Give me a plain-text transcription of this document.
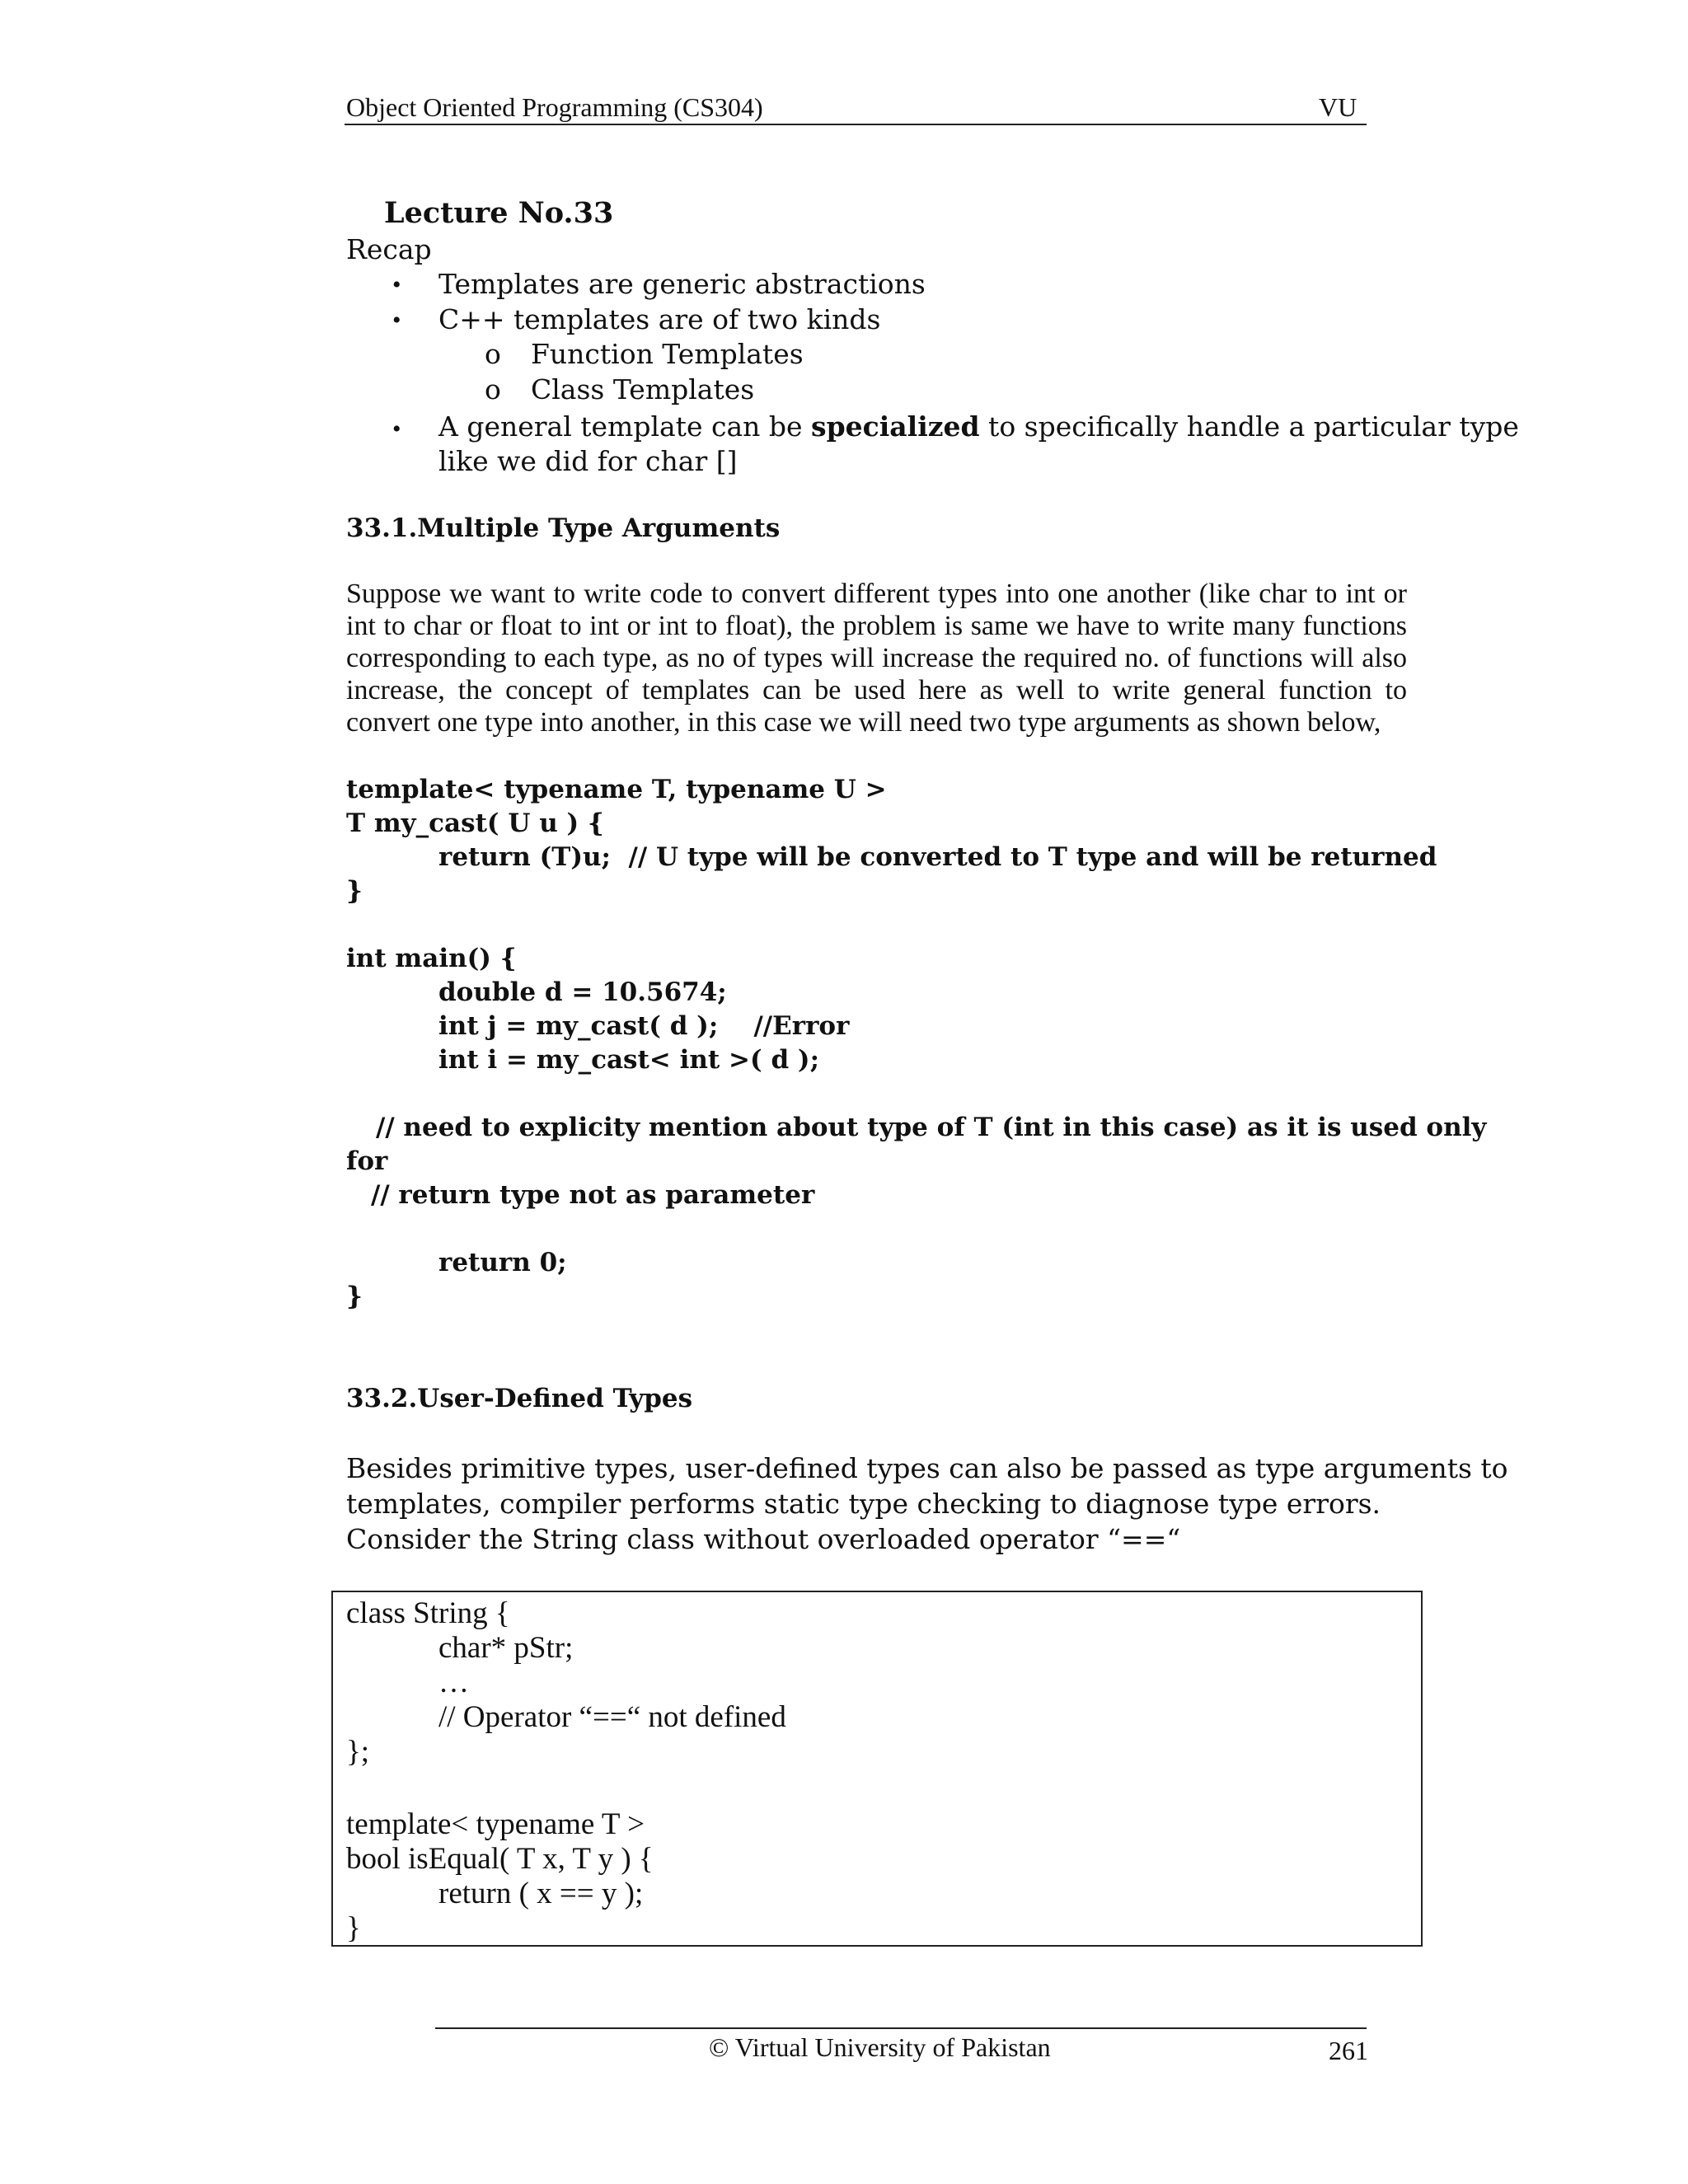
Object Oriented Programming (CS304)	VU
Lecture No.33
Recap
• Templates are generic abstractions
• C++ templates are of two kinds
o Function Templates
o Class Templates
• A general template can be specialized to specifically handle a particular type
like we did for char []
33.1.Multiple Type Arguments
Suppose we want to write code to convert different types into one another (like char to int or
int to char or float to int or int to float), the problem is same we have to write many functions
corresponding to each type, as no of types will increase the required no. of functions will also
increase, the concept of templates can be used here as well to write general function to
convert one type into another, in this case we will need two type arguments as shown below,
template< typename T, typename U >
T my_cast( U u ) {
return (T)u;  // U type will be converted to T type and will be returned
}
int main() {
double d = 10.5674;
int j = my_cast( d );    //Error
int i = my_cast< int >( d );
// need to explicity mention about type of T (int in this case) as it is used only
for
// return type not as parameter
return 0;
}
33.2.User-Defined Types
Besides primitive types, user-defined types can also be passed as type arguments to
templates, compiler performs static type checking to diagnose type errors.
Consider the String class without overloaded operator “==“
class String {
char* pStr;
…
// Operator “==“ not defined
};
template< typename T >
bool isEqual( T x, T y ) {
return ( x == y );
}
© Virtual University of Pakistan	261
